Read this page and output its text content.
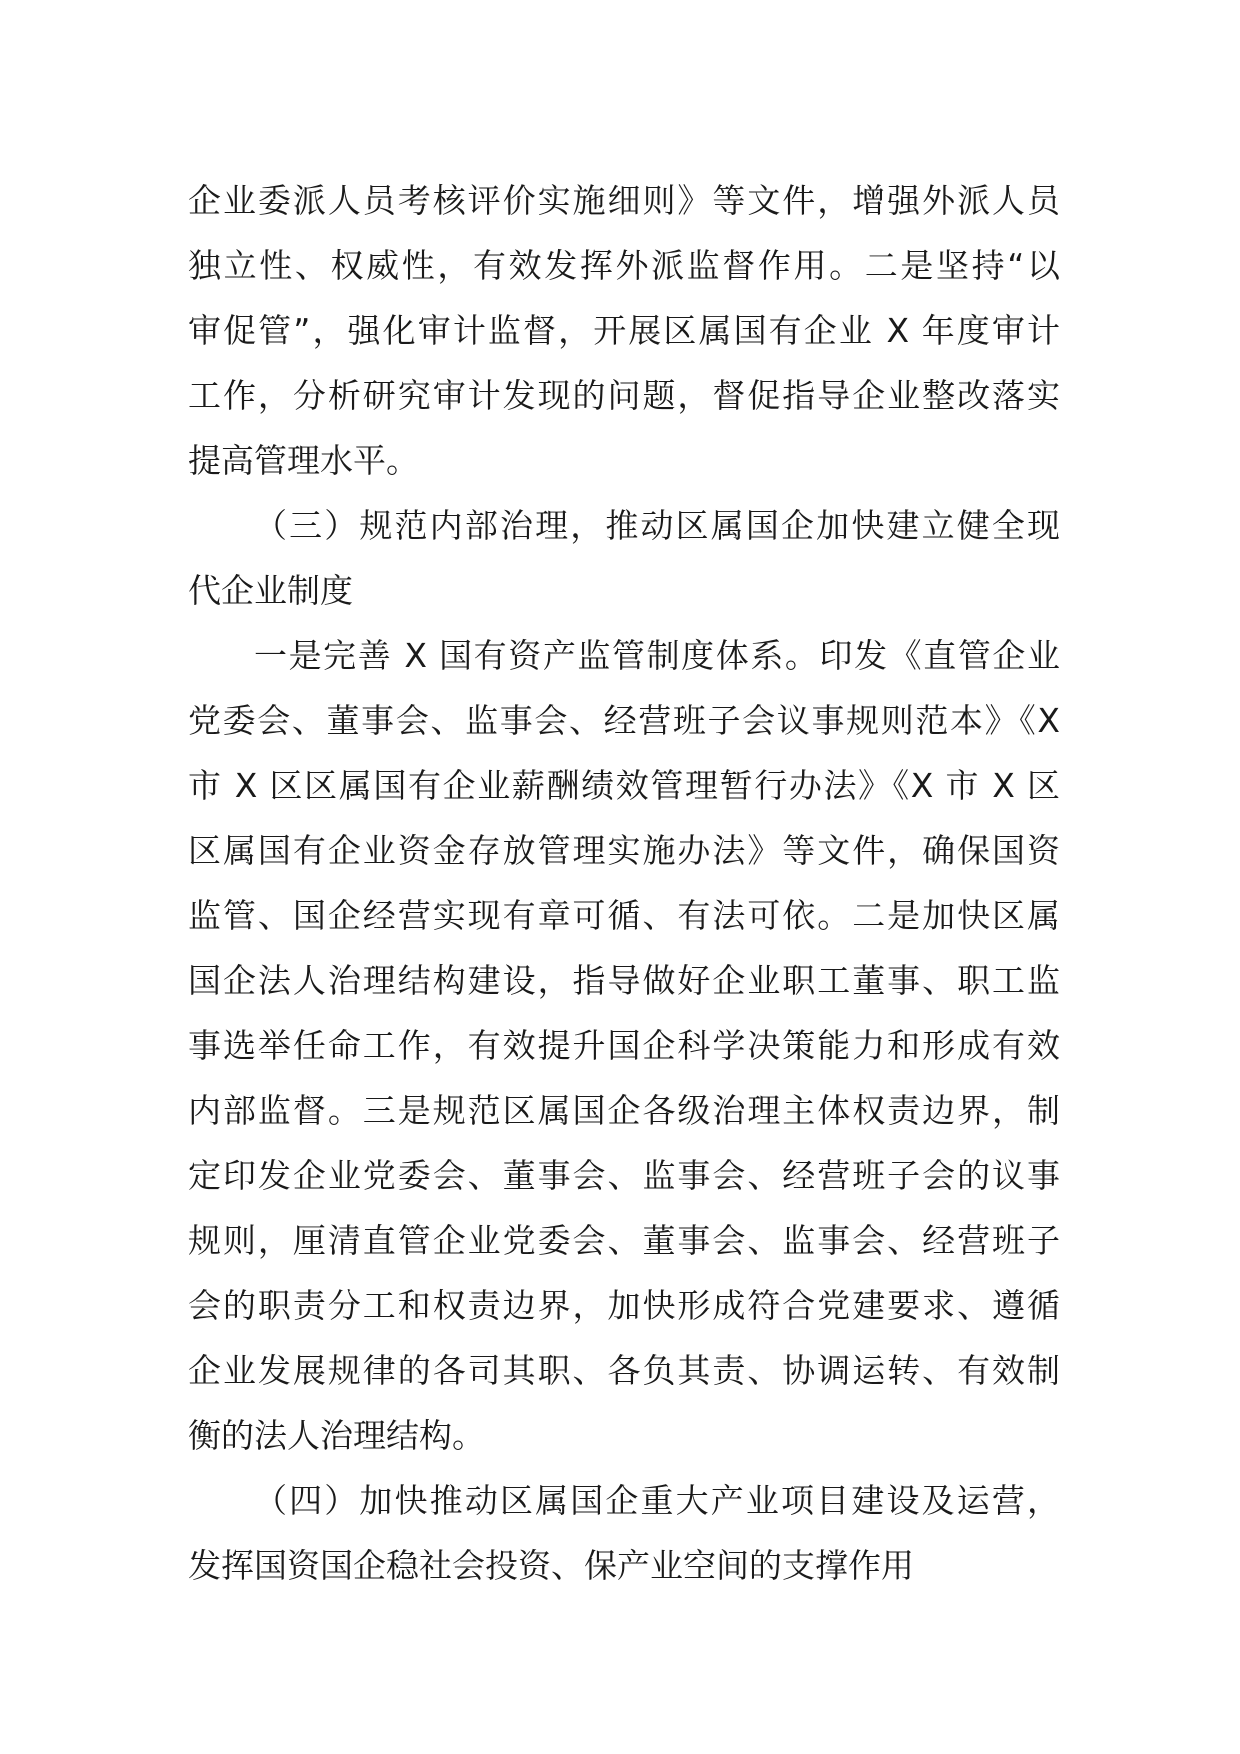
企业委派人员考核评价实施细则》等文件，增强外派人员
独立性、权威性，有效发挥外派监督作用。二是坚持“以
审促管”，强化审计监督，开展区属国有企业 X 年度审计
工作，分析研究审计发现的问题，督促指导企业整改落实
提高管理水平。
（三）规范内部治理，推动区属国企加快建立健全现
代企业制度
一是完善 X 国有资产监管制度体系。印发《直管企业
党委会、董事会、监事会、经营班子会议事规则范本》《X
市 X 区区属国有企业薪酬绩效管理暂行办法》《X 市 X 区
区属国有企业资金存放管理实施办法》等文件，确保国资
监管、国企经营实现有章可循、有法可依。二是加快区属
国企法人治理结构建设，指导做好企业职工董事、职工监
事选举任命工作，有效提升国企科学决策能力和形成有效
内部监督。三是规范区属国企各级治理主体权责边界，制
定印发企业党委会、董事会、监事会、经营班子会的议事
规则，厘清直管企业党委会、董事会、监事会、经营班子
会的职责分工和权责边界，加快形成符合党建要求、遵循
企业发展规律的各司其职、各负其责、协调运转、有效制
衡的法人治理结构。
（四）加快推动区属国企重大产业项目建设及运营，
发挥国资国企稳社会投资、保产业空间的支撑作用
